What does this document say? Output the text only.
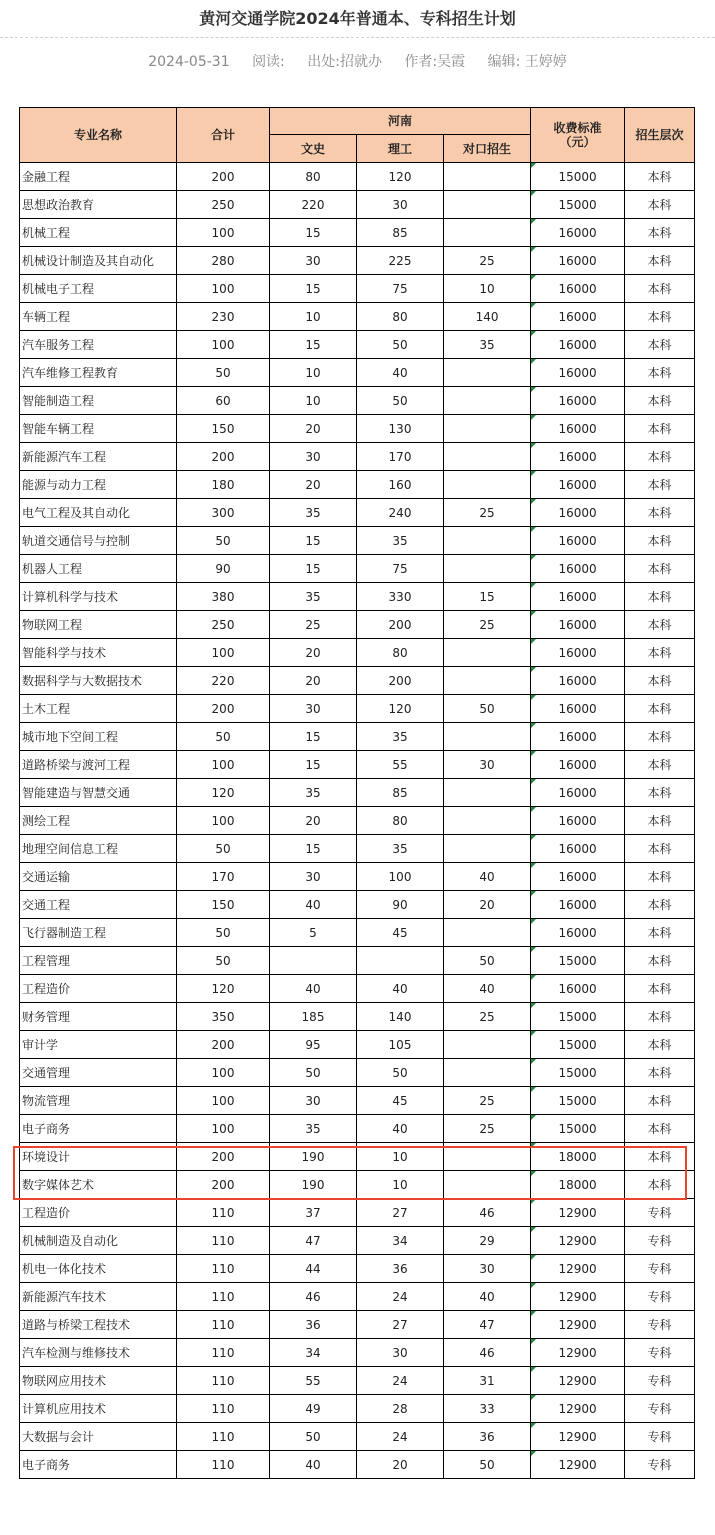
黄河交通学院2024年普通本、专科招生计划
2024-05-31 阅读: 出处:招就办 作者:吴霞 编辑: 王婷婷
专业名称	合计	河南			收费标准（元）	招生层次
		文史	理工	对口招生		
金融工程	200	80	120		15000	本科
思想政治教育	250	220	30		15000	本科
机械工程	100	15	85		16000	本科
机械设计制造及其自动化	280	30	225	25	16000	本科
机械电子工程	100	15	75	10	16000	本科
车辆工程	230	10	80	140	16000	本科
汽车服务工程	100	15	50	35	16000	本科
汽车维修工程教育	50	10	40		16000	本科
智能制造工程	60	10	50		16000	本科
智能车辆工程	150	20	130		16000	本科
新能源汽车工程	200	30	170		16000	本科
能源与动力工程	180	20	160		16000	本科
电气工程及其自动化	300	35	240	25	16000	本科
轨道交通信号与控制	50	15	35		16000	本科
机器人工程	90	15	75		16000	本科
计算机科学与技术	380	35	330	15	16000	本科
物联网工程	250	25	200	25	16000	本科
智能科学与技术	100	20	80		16000	本科
数据科学与大数据技术	220	20	200		16000	本科
土木工程	200	30	120	50	16000	本科
城市地下空间工程	50	15	35		16000	本科
道路桥梁与渡河工程	100	15	55	30	16000	本科
智能建造与智慧交通	120	35	85		16000	本科
测绘工程	100	20	80		16000	本科
地理空间信息工程	50	15	35		16000	本科
交通运输	170	30	100	40	16000	本科
交通工程	150	40	90	20	16000	本科
飞行器制造工程	50	5	45		16000	本科
工程管理	50			50	15000	本科
工程造价	120	40	40	40	16000	本科
财务管理	350	185	140	25	15000	本科
审计学	200	95	105		15000	本科
交通管理	100	50	50		15000	本科
物流管理	100	30	45	25	15000	本科
电子商务	100	35	40	25	15000	本科
环境设计	200	190	10		18000	本科
数字媒体艺术	200	190	10		18000	本科
工程造价	110	37	27	46	12900	专科
机械制造及自动化	110	47	34	29	12900	专科
机电一体化技术	110	44	36	30	12900	专科
新能源汽车技术	110	46	24	40	12900	专科
道路与桥梁工程技术	110	36	27	47	12900	专科
汽车检测与维修技术	110	34	30	46	12900	专科
物联网应用技术	110	55	24	31	12900	专科
计算机应用技术	110	49	28	33	12900	专科
大数据与会计	110	50	24	36	12900	专科
电子商务	110	40	20	50	12900	专科
